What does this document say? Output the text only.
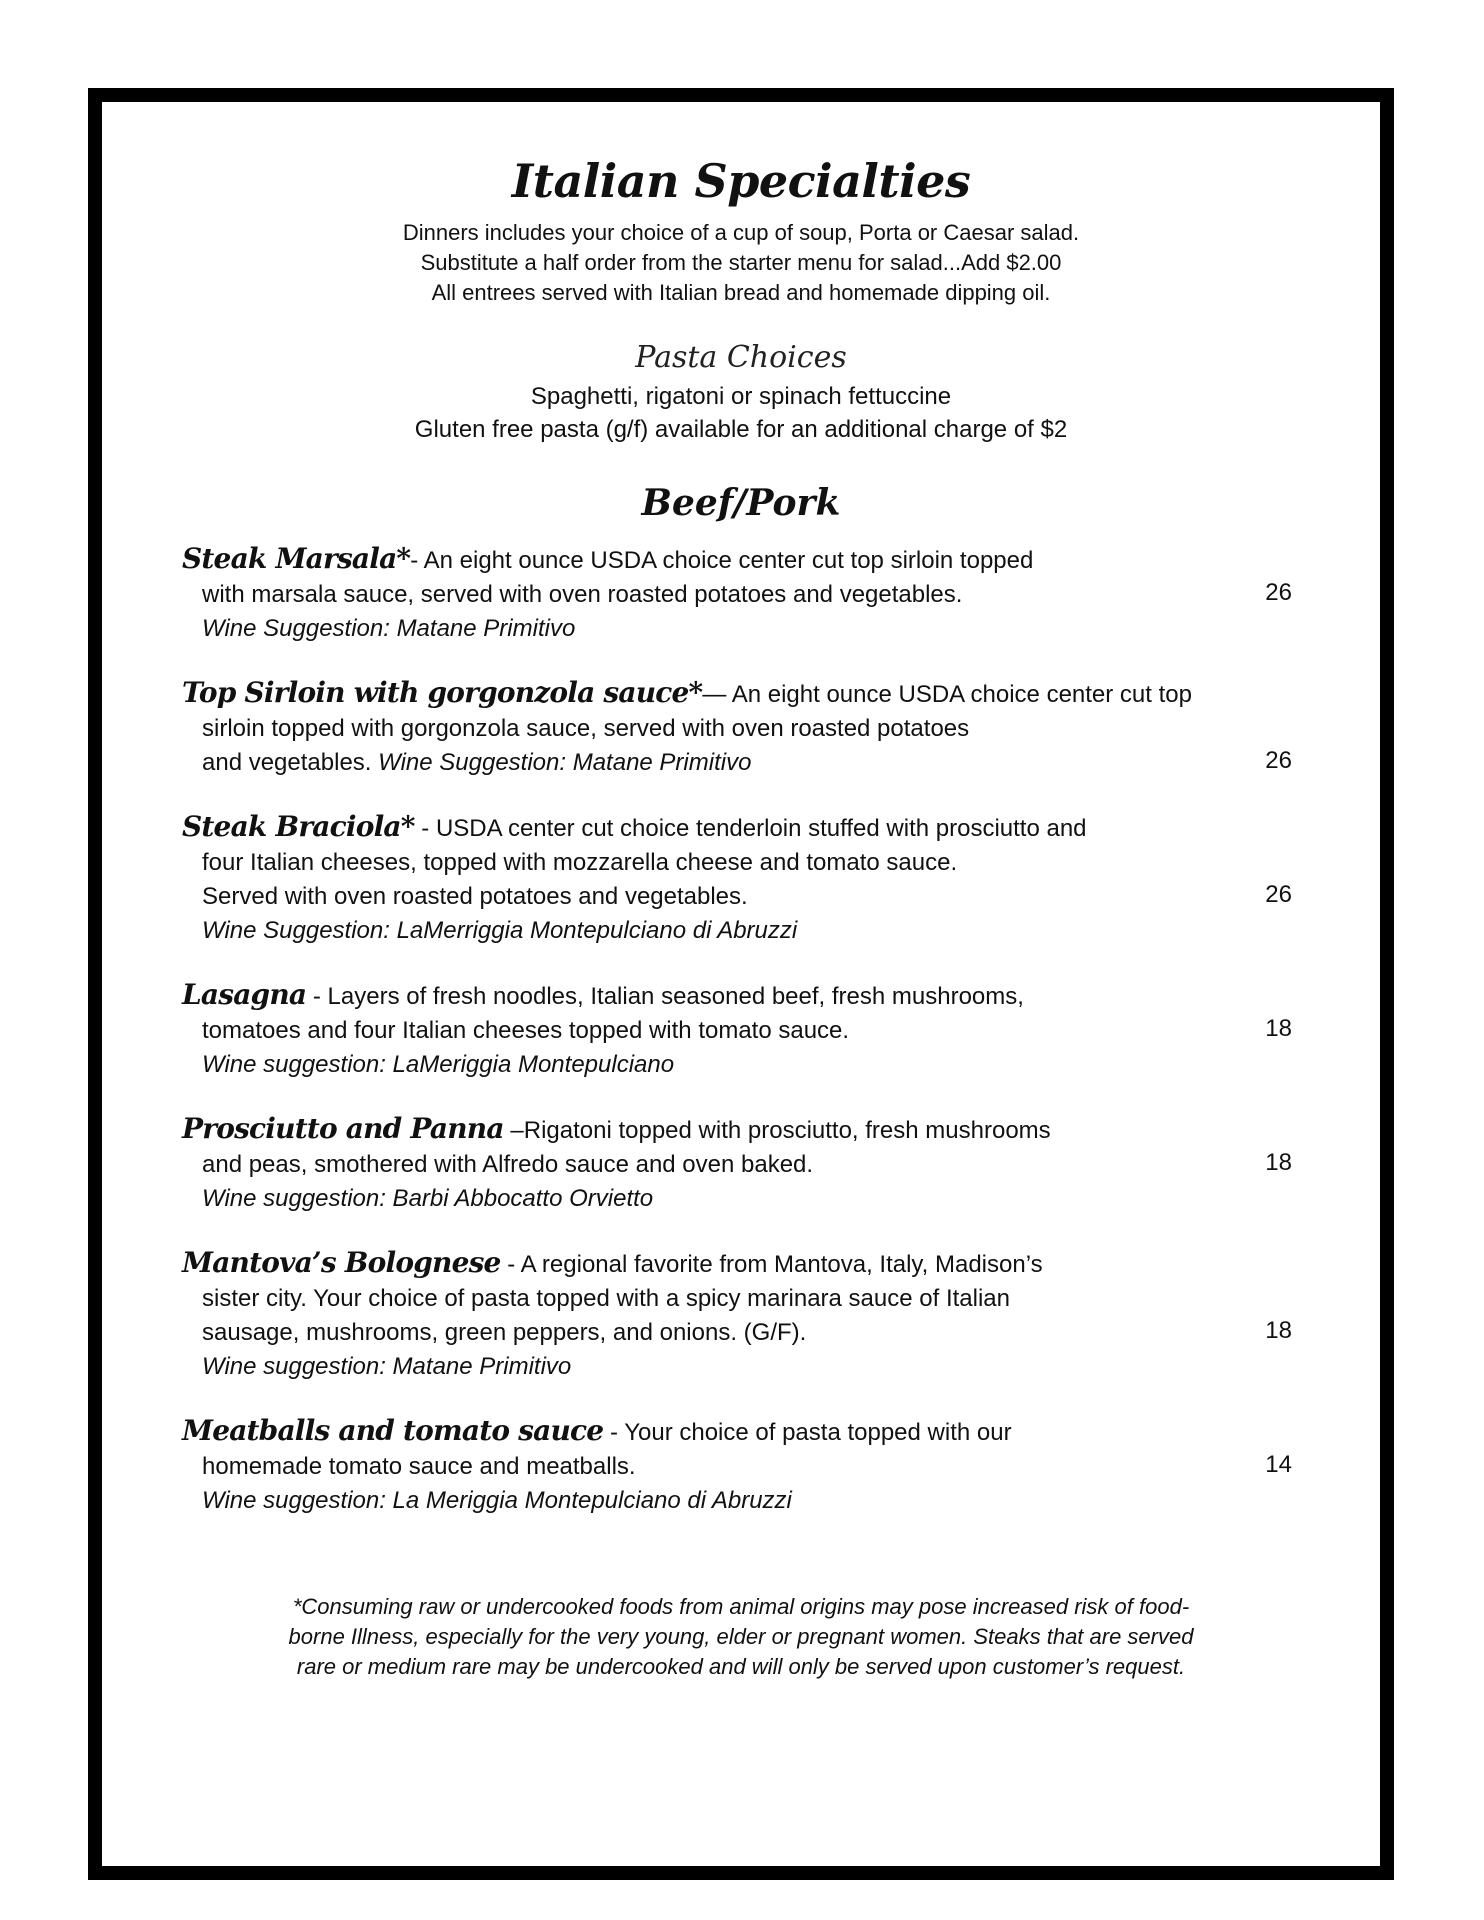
Italian Specialties
Dinners includes your choice of a cup of soup, Porta or Caesar salad.
Substitute a half order from the starter menu for salad...Add $2.00
All entrees served with Italian bread and homemade dipping oil.
Pasta Choices
Spaghetti, rigatoni or spinach fettuccine
Gluten free pasta (g/f) available for an additional charge of $2
Beef/Pork
Steak Marsala*- An eight ounce USDA choice center cut top sirloin topped
with marsala sauce, served with oven roasted potatoes and vegetables.
Wine Suggestion: Matane Primitivo
26
Top Sirloin with gorgonzola sauce*— An eight ounce USDA choice center cut top
sirloin topped with gorgonzola sauce, served with oven roasted potatoes
and vegetables. Wine Suggestion: Matane Primitivo	26
Steak Braciola* - USDA center cut choice tenderloin stuffed with prosciutto and
four Italian cheeses, topped with mozzarella cheese and tomato sauce.
Served with oven roasted potatoes and vegetables.
Wine Suggestion: LaMerriggia Montepulciano di Abruzzi
26
Lasagna - Layers of fresh noodles, Italian seasoned beef, fresh mushrooms,
tomatoes and four Italian cheeses topped with tomato sauce.
Wine suggestion: LaMeriggia Montepulciano
18
Prosciutto and Panna –Rigatoni topped with prosciutto, fresh mushrooms
and peas, smothered with Alfredo sauce and oven baked.
Wine suggestion: Barbi Abbocatto Orvietto
18
Mantova’s Bolognese - A regional favorite from Mantova, Italy, Madison’s
sister city. Your choice of pasta topped with a spicy marinara sauce of Italian
sausage, mushrooms, green peppers, and onions. (G/F).
Wine suggestion: Matane Primitivo
18
Meatballs and tomato sauce - Your choice of pasta topped with our
homemade tomato sauce and meatballs.
Wine suggestion: La Meriggia Montepulciano di Abruzzi
14
*Consuming raw or undercooked foods from animal origins may pose increased risk of food-
borne Illness, especially for the very young, elder or pregnant women. Steaks that are served
rare or medium rare may be undercooked and will only be served upon customer’s request.
